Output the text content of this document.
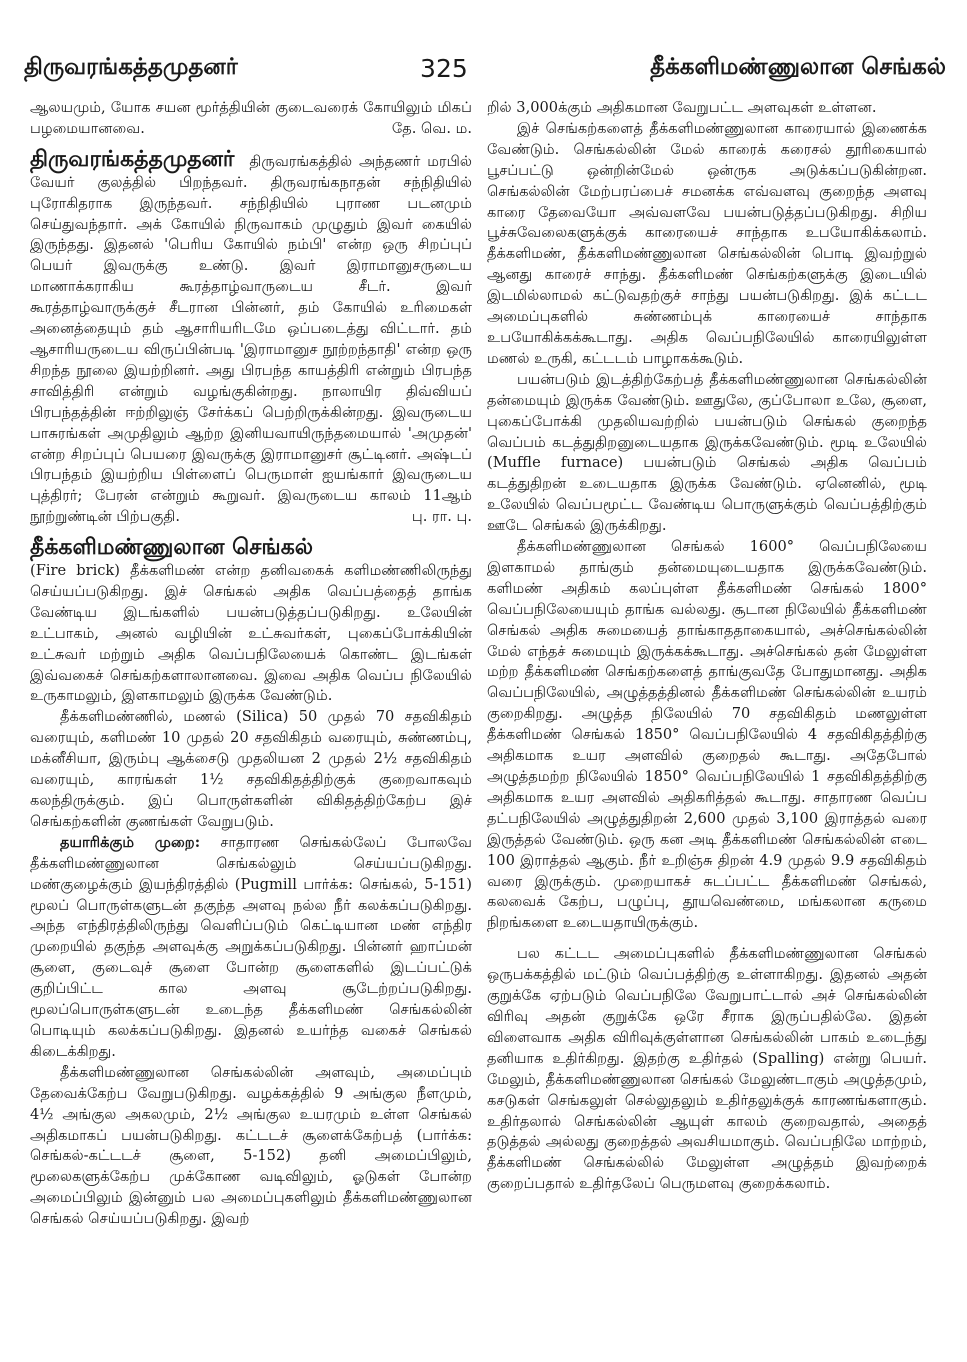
திருவரங்கத்தமுதனர்	325	தீக்களிமண்ணுலான செங்கல்

ஆலயமும், யோக சயன மூர்த்தியின் குடைவரைக் கோயிலும் மிகப் பழமையானவை.	தே. வெ. ம.

திருவரங்கத்தமுதனர் திருவரங்கத்தில் அந்தணர் மரபில் வேயர் குலத்தில் பிறந்தவர். திருவரங்கநாதன் சந்நிதியில் புரோகிதராக இருந்தவர். சந்நிதியில் புராண படனமும் செய்துவந்தார். அக் கோயில் நிருவாகம் முழுதும் இவர் கையில் இருந்தது. இதனல் 'பெரிய கோயில் நம்பி' என்ற ஒரு சிறப்புப் பெயர் இவருக்கு உண்டு. இவர் இராமானுசருடைய மாணாக்கராகிய கூரத்தாழ்வாருடைய சீடர். இவர் கூரத்தாழ்வாருக்குச் சீடரான பின்னர், தம் கோயில் உரிமைகள் அனைத்தையும் தம் ஆசாரியரிடமே ஒப்படைத்து விட்டார். தம் ஆசாரியருடைய விருப்பின்படி 'இராமானுச நூற்றந்தாதி' என்ற ஒரு சிறந்த நூலை இயற்றினர். அது பிரபந்த காயத்திரி என்றும் பிரபந்த சாவித்திரி என்றும் வழங்குகின்றது. நாலாயிர திவ்வியப் பிரபந்தத்தின் ஈற்றிலுஞ் சேர்க்கப் பெற்றிருக்கின்றது. இவருடைய பாசுரங்கள் அமுதிலும் ஆற்ற இனியவாயிருந்தமையால் 'அமுதன்' என்ற சிறப்புப் பெயரை இவருக்கு இராமானுசர் சூட்டினர். அஷ்டப் பிரபந்தம் இயற்றிய பிள்ளைப் பெருமாள் ஐயங்கார் இவருடைய புத்திரர்; பேரன் என்றும் கூறுவர். இவருடைய காலம் 11ஆம் நூற்றுண்டின் பிற்பகுதி.	பு. ரா. பு.

தீக்களிமண்ணுலான செங்கல்

(Fire brick) தீக்களிமண் என்ற தனிவகைக் களிமண்ணிலிருந்து செய்யப்படுகிறது. இச் செங்கல் அதிக வெப்பத்தைத் தாங்க வேண்டிய இடங்களில் பயன்படுத்தப்படுகிறது. உலேயின் உட்பாகம், அனல் வழியின் உட்சுவர்கள், புகைப்போக்கியின் உட்சுவர் மற்றும் அதிக வெப்பநிலேயைக் கொண்ட இடங்கள் இவ்வகைச் செங்கற்களாலானவை. இவை அதிக வெப்ப நிலேயில் உருகாமலும், இளகாமலும் இருக்க வேண்டும்.

தீக்களிமண்ணில், மணல் (Silica) 50 முதல் 70 சதவிகிதம் வரையும், களிமண் 10 முதல் 20 சதவிகிதம் வரையும், சுண்ணம்பு, மக்னீசியா, இரும்பு ஆக்சைடு முதலியன 2 முதல் 2½ சதவிகிதம் வரையும், காரங்கள் 1½ சதவிகிதத்திற்குக் குறைவாகவும் கலந்திருக்கும். இப் பொருள்களின் விகிதத்திற்கேற்ப இச் செங்கற்களின் குணங்கள் வேறுபடும்.

தயாரிக்கும் முறை: சாதாரண செங்கல்லேப் போலவே தீக்களிமண்ணுலான செங்கல்லும் செய்யப்படுகிறது. மண்குழைக்கும் இயந்திரத்தில் (Pugmill பார்க்க: செங்கல், 5-151) மூலப் பொருள்களுடன் தகுந்த அளவு நல்ல நீர் கலக்கப்படுகிறது. அந்த எந்திரத்திலிருந்து வெளிப்படும் கெட்டியான மண் எந்திர முறையில் தகுந்த அளவுக்கு அறுக்கப்படுகிறது. பின்னர் ஹாப்மன் சூளை, குடைவுச் சூளை போன்ற சூளைகளில் இடப்பட்டுக் குறிப்பிட்ட கால அளவு சூடேற்றப்படுகிறது. மூலப்பொருள்களுடன் உடைந்த தீக்களிமண் செங்கல்லின் பொடியும் கலக்கப்படுகிறது. இதனல் உயர்ந்த வகைச் செங்கல் கிடைக்கிறது.

தீக்களிமண்ணுலான செங்கல்லின் அளவும், அமைப்பும் தேவைக்கேற்ப வேறுபடுகிறது. வழக்கத்தில் 9 அங்குல நீளமும், 4½ அங்குல அகலமும், 2½ அங்குல உயரமும் உள்ள செங்கல் அதிகமாகப் பயன்படுகிறது. கட்டடச் சூளைக்கேற்பத் (பார்க்க: செங்கல்-கட்டடச் சூளை, 5-152) தனி அமைப்பிலும், மூலைகளுக்கேற்ப முக்கோண வடிவிலும், ஓடுகள் போன்ற அமைப்பிலும் இன்னும் பல அமைப்புகளிலும் தீக்களிமண்ணுலான செங்கல் செய்யப்படுகிறது. இவற்

றில் 3,000க்கும் அதிகமான வேறுபட்ட அளவுகள் உள்ளன.

இச் செங்கற்களைத் தீக்களிமண்ணுலான காரையால் இணைக்க வேண்டும். செங்கல்லின் மேல் காரைக் கரைசல் தூரிகையால் பூசப்பட்டு ஒன்றின்மேல் ஒன்ருக அடுக்கப்படுகின்றன. செங்கல்லின் மேற்பரப்பைச் சமனக்க எவ்வளவு குறைந்த அளவு காரை தேவையோ அவ்வளவே பயன்படுத்தப்படுகிறது. சிறிய பூச்சுவேலைகளுக்குக் காரையைச் சாந்தாக உபயோகிக்கலாம். தீக்களிமண், தீக்களிமண்ணுலான செங்கல்லின் பொடி இவற்றுல் ஆனது காரைச் சாந்து. தீக்களிமண் செங்கற்களுக்கு இடையில் இடமில்லாமல் கட்டுவதற்குச் சாந்து பயன்படுகிறது. இக் கட்டட அமைப்புகளில் சுண்ணம்புக் காரையைச் சாந்தாக உபயோகிக்கக்கூடாது. அதிக வெப்பநிலேயில் காரையிலுள்ள மணல் உருகி, கட்டடம் பாழாகக்கூடும்.

பயன்படும் இடத்திற்கேற்பத் தீக்களிமண்ணுலான செங்கல்லின் தன்மையும் இருக்க வேண்டும். ஊதுலே, குப்போலா உலே, சூளை, புகைப்போக்கி முதலியவற்றில் பயன்படும் செங்கல் குறைந்த வெப்பம் கடத்துதிறனுடையதாக இருக்கவேண்டும். மூடி உலேயில் (Muffle furnace) பயன்படும் செங்கல் அதிக வெப்பம் கடத்துதிறன் உடையதாக இருக்க வேண்டும். ஏனெனில், மூடி உலேயில் வெப்பமூட்ட வேண்டிய பொருளுக்கும் வெப்பத்திற்கும் ஊடே செங்கல் இருக்கிறது.

தீக்களிமண்ணுலான செங்கல் 1600° வெப்பநிலேயை இளகாமல் தாங்கும் தன்மையுடையதாக இருக்கவேண்டும். களிமண் அதிகம் கலப்புள்ள தீக்களிமண் செங்கல் 1800° வெப்பநிலேயையும் தாங்க வல்லது. சூடான நிலேயில் தீக்களிமண் செங்கல் அதிக சுமையைத் தாங்காததாகையால், அச்செங்கல்லின் மேல் எந்தச் சுமையும் இருக்கக்கூடாது. அச்செங்கல் தன் மேலுள்ள மற்ற தீக்களிமண் செங்கற்களைத் தாங்குவதே போதுமானது. அதிக வெப்பநிலேயில், அழுத்தத்தினல் தீக்களிமண் செங்கல்லின் உயரம் குறைகிறது. அழுத்த நிலேயில் 70 சதவிகிதம் மணலுள்ள தீக்களிமண் செங்கல் 1850° வெப்பநிலேயில் 4 சதவிகிதத்திற்கு அதிகமாக உயர அளவில் குறைதல் கூடாது. அதேபோல் அழுத்தமற்ற நிலேயில் 1850° வெப்பநிலேயில் 1 சதவிகிதத்திற்கு அதிகமாக உயர அளவில் அதிகரித்தல் கூடாது. சாதாரண வெப்ப தட்பநிலேயில் அழுத்துதிறன் 2,600 முதல் 3,100 இராத்தல் வரை இருத்தல் வேண்டும். ஒரு கன அடி தீக்களிமண் செங்கல்லின் எடை 100 இராத்தல் ஆகும். நீர் உறிஞ்சு திறன் 4.9 முதல் 9.9 சதவிகிதம் வரை இருக்கும். முறையாகச் சுடப்பட்ட தீக்களிமண் செங்கல், கலவைக் கேற்ப, பழுப்பு, தூயவெண்மை, மங்கலான கருமை நிறங்களை உடையதாயிருக்கும்.

பல கட்டட அமைப்புகளில் தீக்களிமண்ணுலான செங்கல் ஒருபக்கத்தில் மட்டும் வெப்பத்திற்கு உள்ளாகிறது. இதனல் அதன் குறுக்கே ஏற்படும் வெப்பநிலே வேறுபாட்டால் அச் செங்கல்லின் விரிவு அதன் குறுக்கே ஒரே சீராக இருப்பதில்லே. இதன் விளைவாக அதிக விரிவுக்குள்ளான செங்கல்லின் பாகம் உடைந்து தனியாக உதிர்கிறது. இதற்கு உதிர்தல் (Spalling) என்று பெயர். மேலும், தீக்களிமண்ணுலான செங்கல் மேலுண்டாகும் அழுத்தமும், கசடுகள் செங்கலுள் செல்லுதலும் உதிர்தலுக்குக் காரணங்களாகும். உதிர்தலால் செங்கல்லின் ஆயுள் காலம் குறைவதால், அதைத் தடுத்தல் அல்லது குறைத்தல் அவசியமாகும். வெப்பநிலே மாற்றம், தீக்களிமண் செங்கல்லில் மேலுள்ள அழுத்தம் இவற்றைக் குறைப்பதால் உதிர்தலேப் பெருமளவு குறைக்கலாம்.
